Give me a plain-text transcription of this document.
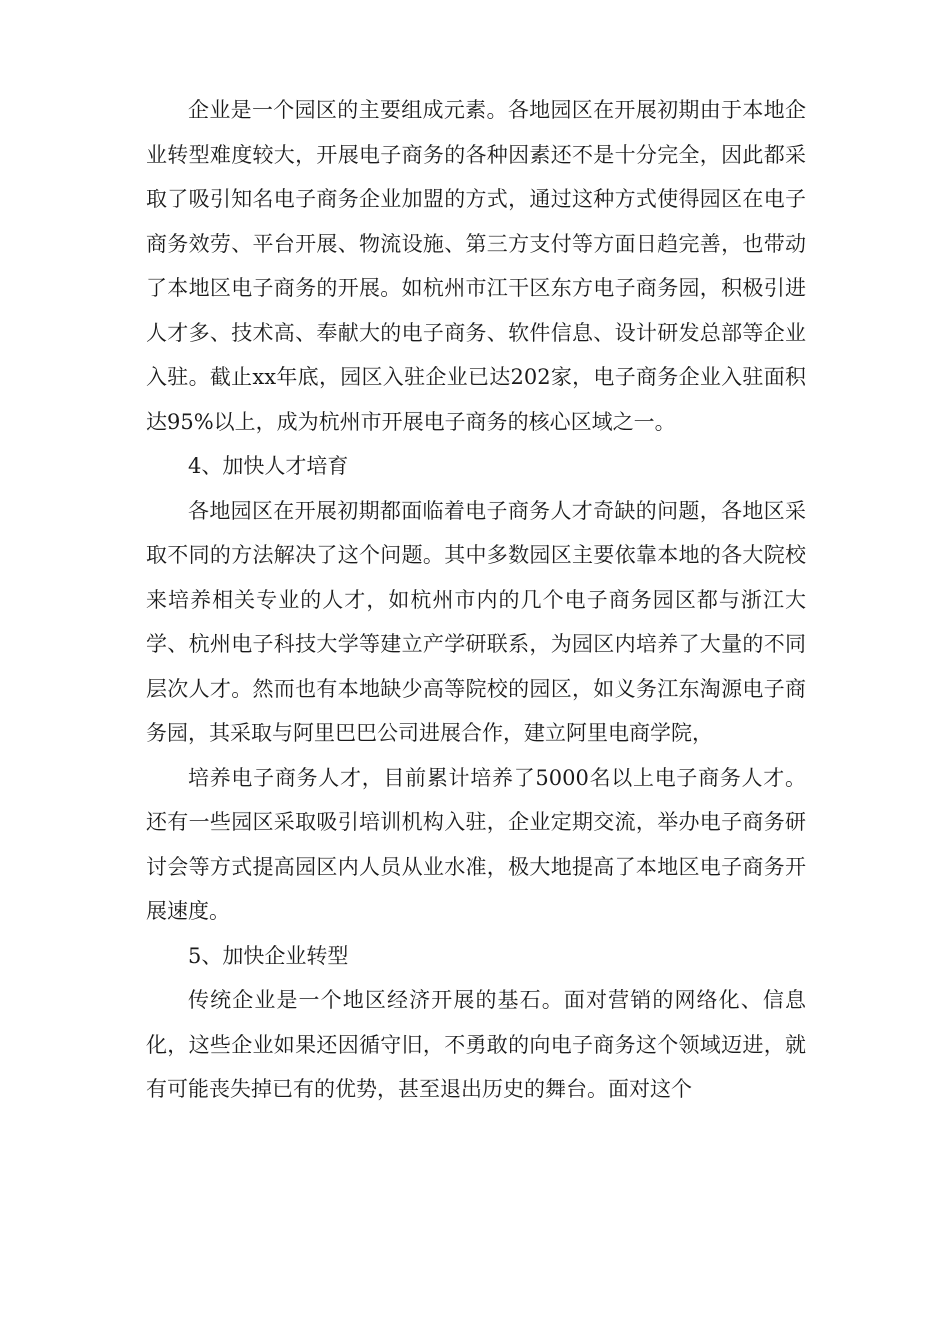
企业是一个园区的主要组成元素。各地园区在开展初期由于本地企业转型难度较大，开展电子商务的各种因素还不是十分完全，因此都采取了吸引知名电子商务企业加盟的方式，通过这种方式使得园区在电子商务效劳、平台开展、物流设施、第三方支付等方面日趋完善，也带动了本地区电子商务的开展。如杭州市江干区东方电子商务园，积极引进人才多、技术高、奉献大的电子商务、软件信息、设计研发总部等企业入驻。截止xx年底，园区入驻企业已达202家，电子商务企业入驻面积达95%以上，成为杭州市开展电子商务的核心区域之一。

4、加快人才培育

各地园区在开展初期都面临着电子商务人才奇缺的问题，各地区采取不同的方法解决了这个问题。其中多数园区主要依靠本地的各大院校来培养相关专业的人才，如杭州市内的几个电子商务园区都与浙江大学、杭州电子科技大学等建立产学研联系，为园区内培养了大量的不同层次人才。然而也有本地缺少高等院校的园区，如义务江东淘源电子商务园，其采取与阿里巴巴公司进展合作，建立阿里电商学院，

培养电子商务人才，目前累计培养了5000名以上电子商务人才。还有一些园区采取吸引培训机构入驻，企业定期交流，举办电子商务研讨会等方式提高园区内人员从业水准，极大地提高了本地区电子商务开展速度。

5、加快企业转型

传统企业是一个地区经济开展的基石。面对营销的网络化、信息化，这些企业如果还因循守旧，不勇敢的向电子商务这个领域迈进，就有可能丧失掉已有的优势，甚至退出历史的舞台。面对这个
